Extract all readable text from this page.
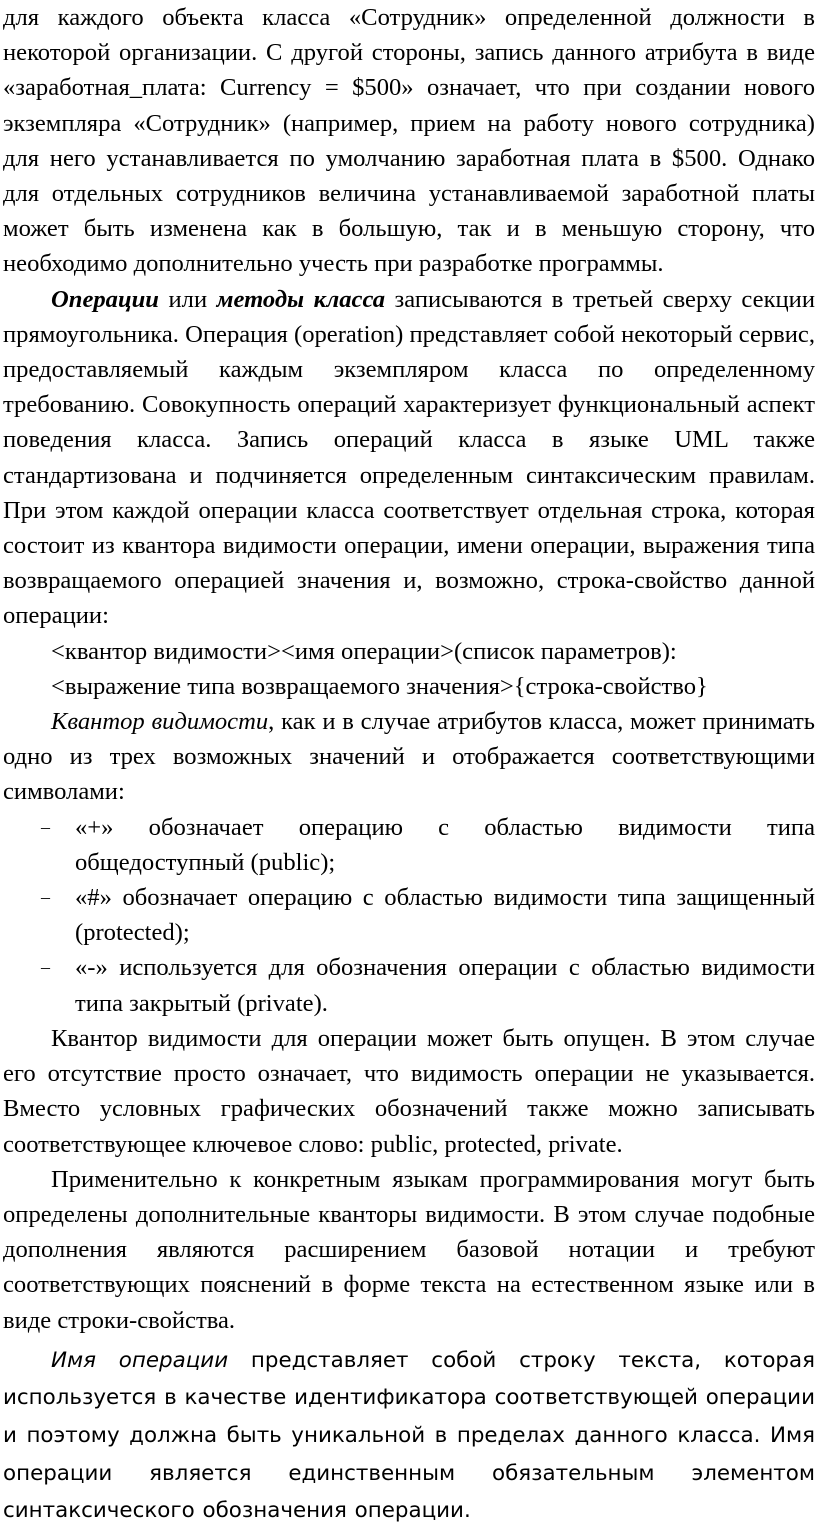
для каждого объекта класса «Сотрудник» определенной должности в некоторой организации. С другой стороны, запись данного атрибута в виде «заработная_плата: Currency = $500» означает, что при создании нового экземпляра «Сотрудник» (например, прием на работу нового сотрудника) для него устанавливается по умолчанию заработная плата в $500. Однако для отдельных сотрудников величина устанавливаемой заработной платы может быть изменена как в большую, так и в меньшую сторону, что необходимо дополнительно учесть при разработке программы.

Операции или методы класса записываются в третьей сверху секции прямоугольника. Операция (operation) представляет собой некоторый сервис, предоставляемый каждым экземпляром класса по определенному требованию. Совокупность операций характеризует функциональный аспект поведения класса. Запись операций класса в языке UML также стандартизована и подчиняется определенным синтаксическим правилам. При этом каждой операции класса соответствует отдельная строка, которая состоит из квантора видимости операции, имени операции, выражения типа возвращаемого операцией значения и, возможно, строка-свойство данной операции:

<квантор видимости><имя операции>(список параметров):

<выражение типа возвращаемого значения>{строка-свойство}

Квантор видимости, как и в случае атрибутов класса, может принимать одно из трех возможных значений и отображается соответствующими символами:

– «+» обозначает операцию с областью видимости типа общедоступный (public);
– «#» обозначает операцию с областью видимости типа защищенный (protected);
– «-» используется для обозначения операции с областью видимости типа закрытый (private).

Квантор видимости для операции может быть опущен. В этом случае его отсутствие просто означает, что видимость операции не указывается. Вместо условных графических обозначений также можно записывать соответствующее ключевое слово: public, protected, private.

Применительно к конкретным языкам программирования могут быть определены дополнительные кванторы видимости. В этом случае подобные дополнения являются расширением базовой нотации и требуют соответствующих пояснений в форме текста на естественном языке или в виде строки-свойства.

Имя операции представляет собой строку текста, которая используется в качестве идентификатора соответствующей операции и поэтому должна быть уникальной в пределах данного класса. Имя операции является единственным обязательным элементом синтаксического обозначения операции.
